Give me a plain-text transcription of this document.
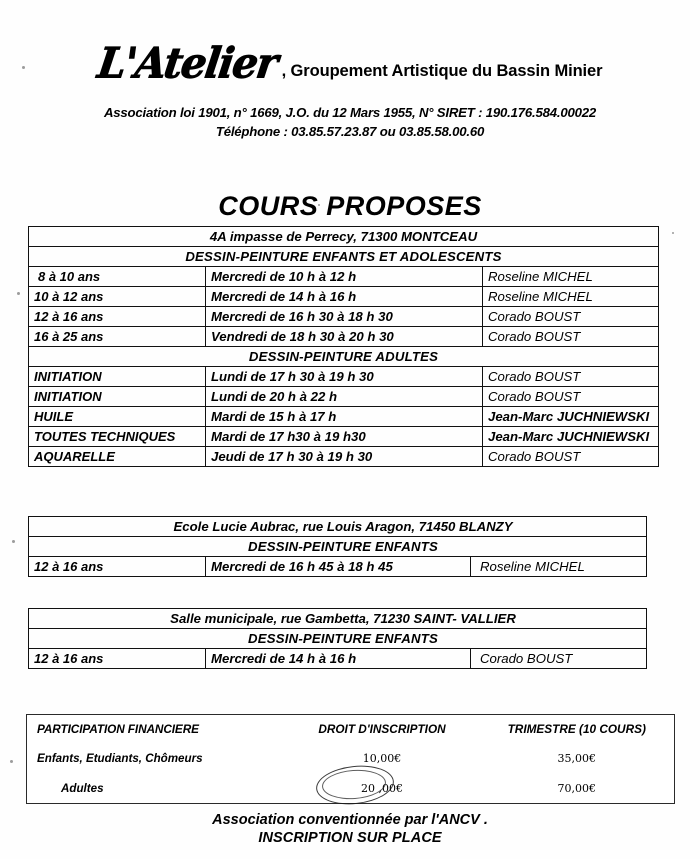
L'Atelier , Groupement Artistique du Bassin Minier
Association loi 1901, n° 1669, J.O. du 12 Mars 1955, N° SIRET : 190.176.584.00022
Téléphone : 03.85.57.23.87 ou 03.85.58.00.60
COURS PROPOSES
4A impasse de Perrecy, 71300 MONTCEAU		
DESSIN-PEINTURE ENFANTS ET ADOLESCENTS		
8 à 10 ans	Mercredi de 10 h à 12 h	Roseline MICHEL
10 à 12 ans	Mercredi de 14 h à 16 h	Roseline MICHEL
12 à 16 ans	Mercredi de 16 h 30 à 18 h 30	Corado BOUST
16 à 25 ans	Vendredi de 18 h 30 à 20 h 30	Corado BOUST
DESSIN-PEINTURE ADULTES		
INITIATION	Lundi de 17 h 30 à 19 h 30	Corado BOUST
INITIATION	Lundi de 20 h à 22 h	Corado BOUST
HUILE	Mardi de 15 h à 17 h	Jean-Marc JUCHNIEWSKI
TOUTES TECHNIQUES	Mardi de 17 h30 à 19 h30	Jean-Marc JUCHNIEWSKI
AQUARELLE	Jeudi de 17 h 30 à 19 h 30	Corado BOUST
Ecole Lucie Aubrac, rue Louis Aragon, 71450 BLANZY
DESSIN-PEINTURE ENFANTS
12 à 16 ans	Mercredi de 16 h 45 à 18 h 45	Roseline MICHEL
Salle municipale, rue Gambetta, 71230 SAINT- VALLIER
DESSIN-PEINTURE ENFANTS
12 à 16 ans	Mercredi de 14 h à 16 h	Corado BOUST
PARTICIPATION FINANCIERE	DROIT D'INSCRIPTION	TRIMESTRE (10 COURS)
Enfants, Etudiants, Chômeurs	10,00€	35,00€
Adultes	20 ,00€	70,00€
Association conventionnée par l'ANCV .
INSCRIPTION SUR PLACE
